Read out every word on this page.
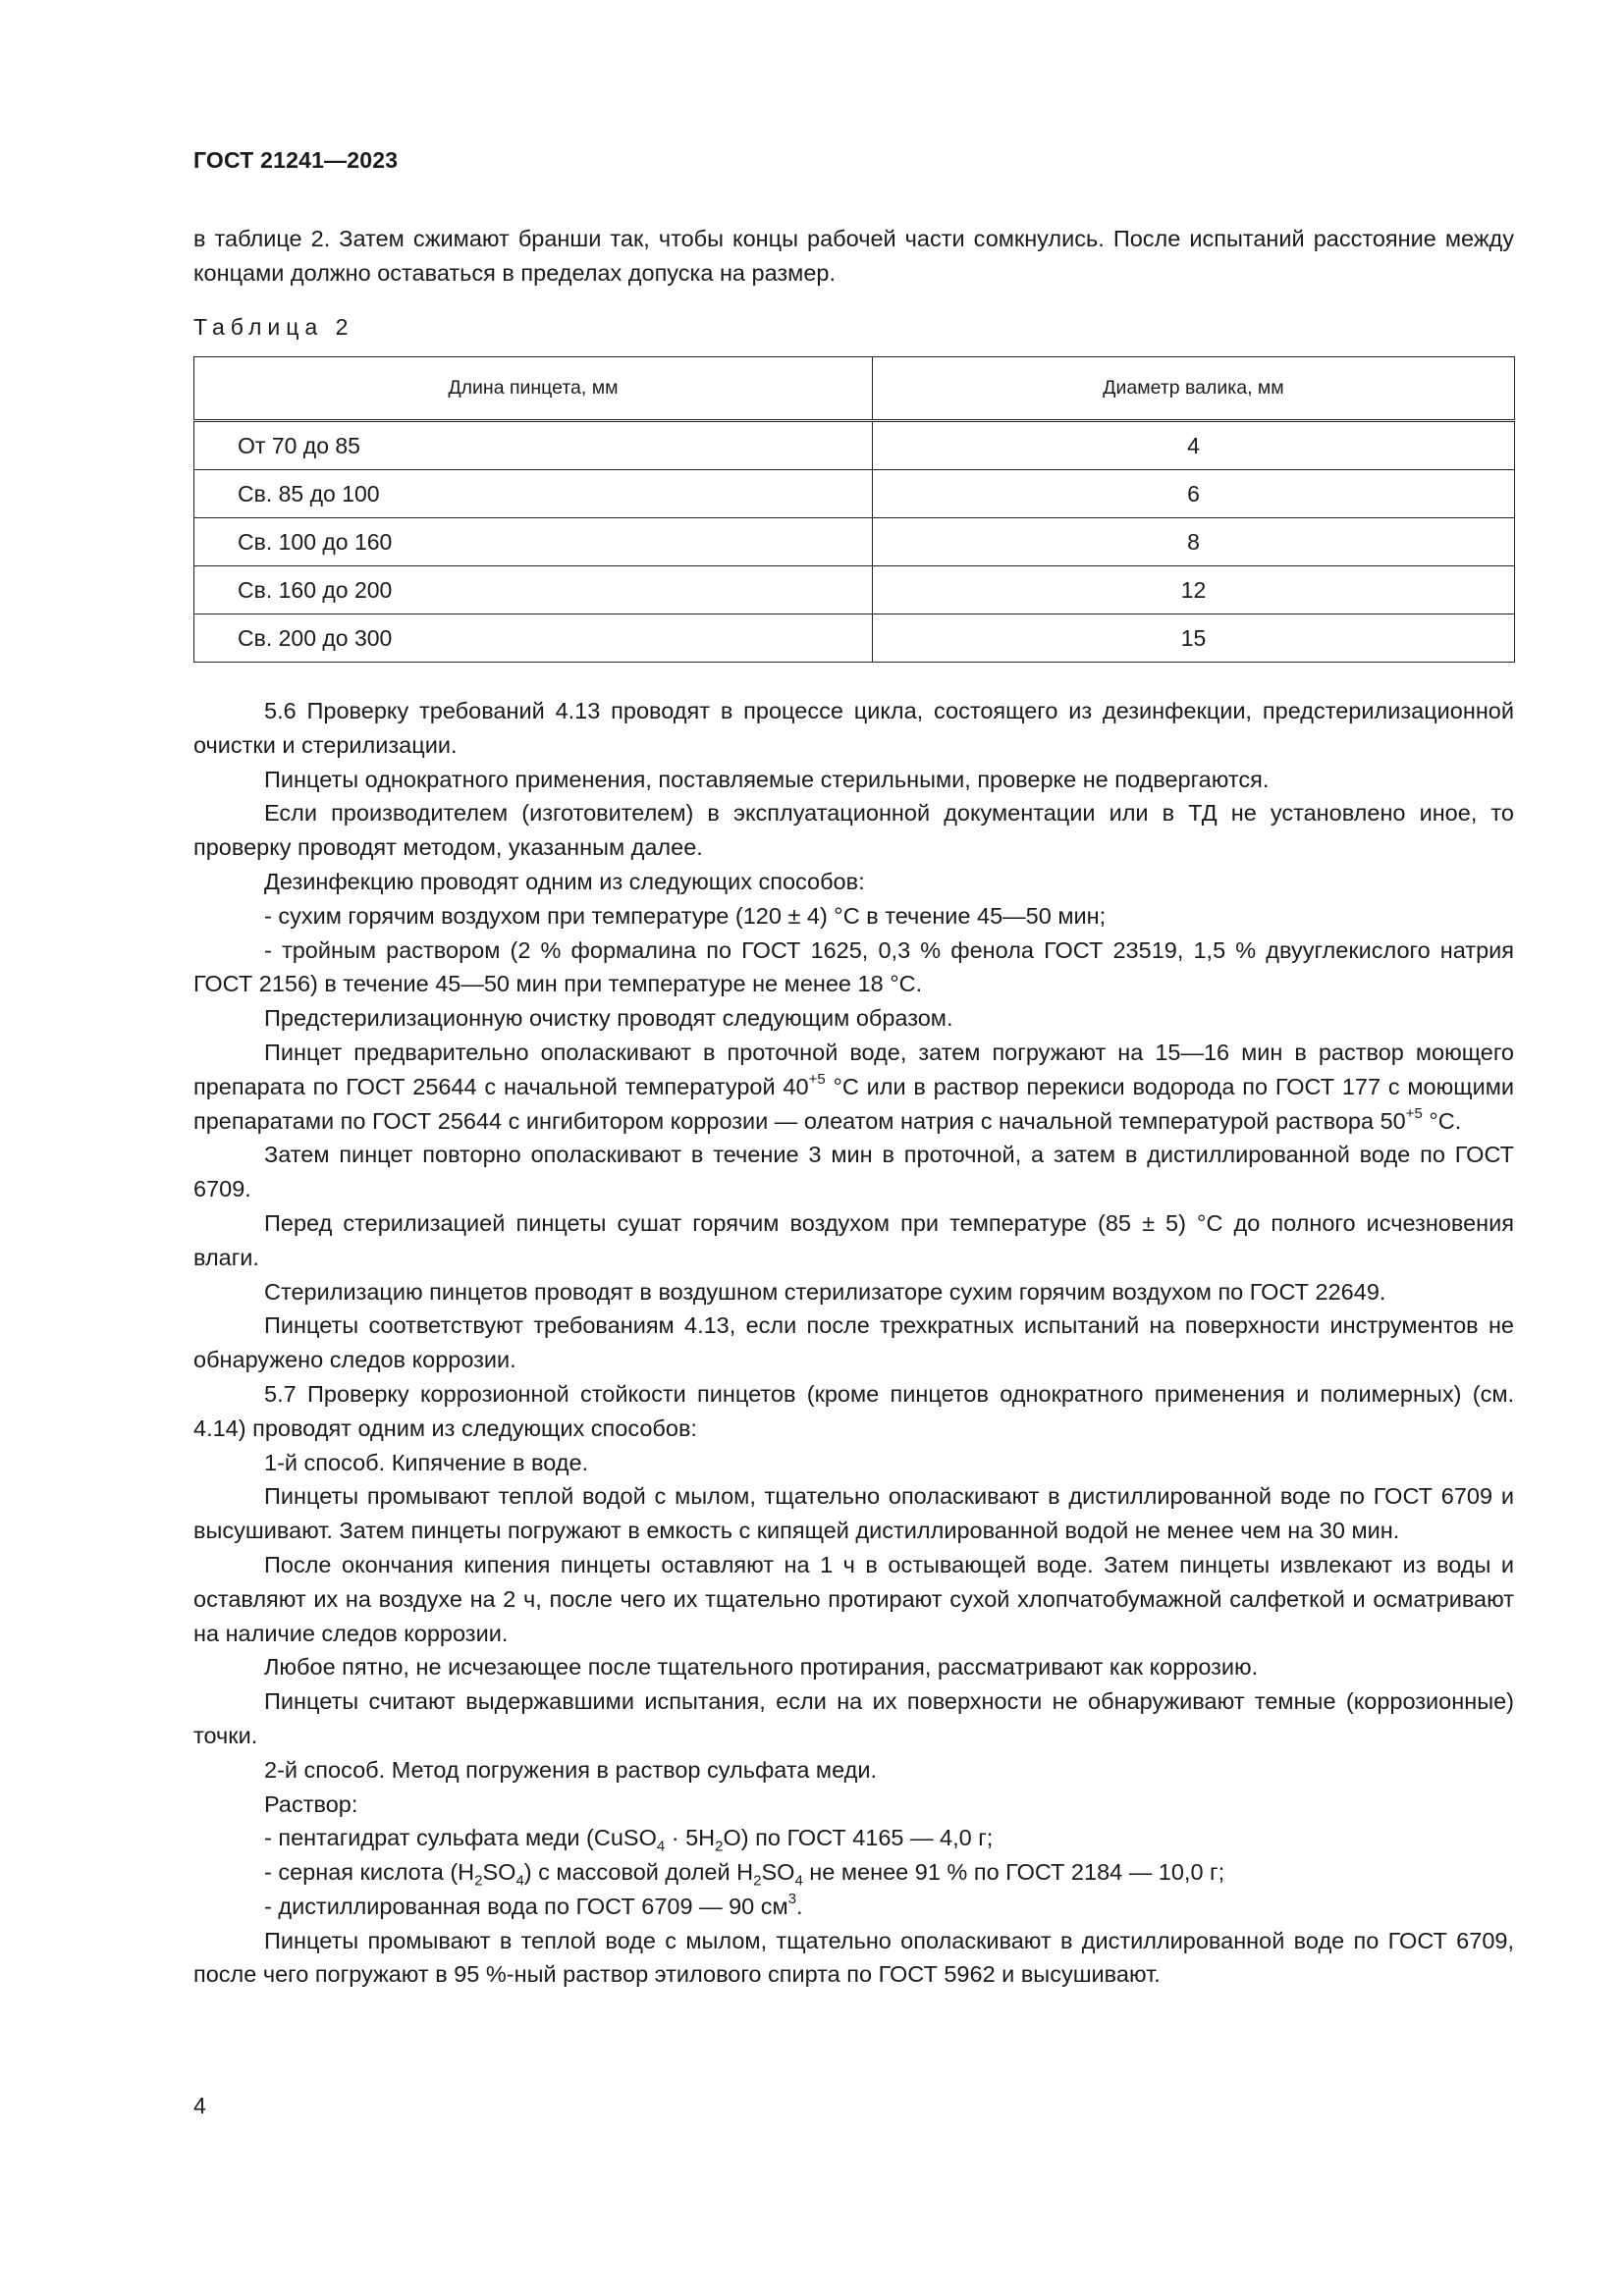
ГОСТ 21241—2023
в таблице 2. Затем сжимают бранши так, чтобы концы рабочей части сомкнулись. После испытаний расстояние между концами должно оставаться в пределах допуска на размер.
Таблица 2
Длина пинцета, мм	Диаметр валика, мм
От 70 до 85	4
Св. 85 до 100	6
Св. 100 до 160	8
Св. 160 до 200	12
Св. 200 до 300	15

5.6 Проверку требований 4.13 проводят в процессе цикла, состоящего из дезинфекции, предстерилизационной очистки и стерилизации.

Пинцеты однократного применения, поставляемые стерильными, проверке не подвергаются.

Если производителем (изготовителем) в эксплуатационной документации или в ТД не установлено иное, то проверку проводят методом, указанным далее.

Дезинфекцию проводят одним из следующих способов:

- сухим горячим воздухом при температуре (120 ± 4) °С в течение 45—50 мин;

- тройным раствором (2 % формалина по ГОСТ 1625, 0,3 % фенола ГОСТ 23519, 1,5 % двууглекислого натрия ГОСТ 2156) в течение 45—50 мин при температуре не менее 18 °С.

Предстерилизационную очистку проводят следующим образом.

Пинцет предварительно ополаскивают в проточной воде, затем погружают на 15—16 мин в раствор моющего препарата по ГОСТ 25644 с начальной температурой $40^{+5}$ °С или в раствор перекиси водорода по ГОСТ 177 с моющими препаратами по ГОСТ 25644 с ингибитором коррозии — олеатом натрия с начальной температурой раствора $50^{+5}$ °С.

Затем пинцет повторно ополаскивают в течение 3 мин в проточной, а затем в дистиллированной воде по ГОСТ 6709.

Перед стерилизацией пинцеты сушат горячим воздухом при температуре (85 ± 5) °С до полного исчезновения влаги.

Стерилизацию пинцетов проводят в воздушном стерилизаторе сухим горячим воздухом по ГОСТ 22649.

Пинцеты соответствуют требованиям 4.13, если после трехкратных испытаний на поверхности инструментов не обнаружено следов коррозии.

5.7 Проверку коррозионной стойкости пинцетов (кроме пинцетов однократного применения и полимерных) (см. 4.14) проводят одним из следующих способов:

1-й способ. Кипячение в воде.

Пинцеты промывают теплой водой с мылом, тщательно ополаскивают в дистиллированной воде по ГОСТ 6709 и высушивают. Затем пинцеты погружают в емкость с кипящей дистиллированной водой не менее чем на 30 мин.

После окончания кипения пинцеты оставляют на 1 ч в остывающей воде. Затем пинцеты извлекают из воды и оставляют их на воздухе на 2 ч, после чего их тщательно протирают сухой хлопчатобумажной салфеткой и осматривают на наличие следов коррозии.

Любое пятно, не исчезающее после тщательного протирания, рассматривают как коррозию.

Пинцеты считают выдержавшими испытания, если на их поверхности не обнаруживают темные (коррозионные) точки.

2-й способ. Метод погружения в раствор сульфата меди.

Раствор:

- пентагидрат сульфата меди (CuSO$_4$ · $5H_2O$) по ГОСТ 4165 — 4,0 г;

- серная кислота $(H_2SO_4)$ с массовой долей $H_2SO_4$ не менее 91 % по ГОСТ 2184 — 10,0 г;

- дистиллированная вода по ГОСТ 6709 — 90 $см^3$.

Пинцеты промывают в теплой воде с мылом, тщательно ополаскивают в дистиллированной воде по ГОСТ 6709, после чего погружают в 95 %-ный раствор этилового спирта по ГОСТ 5962 и высушивают.

4
